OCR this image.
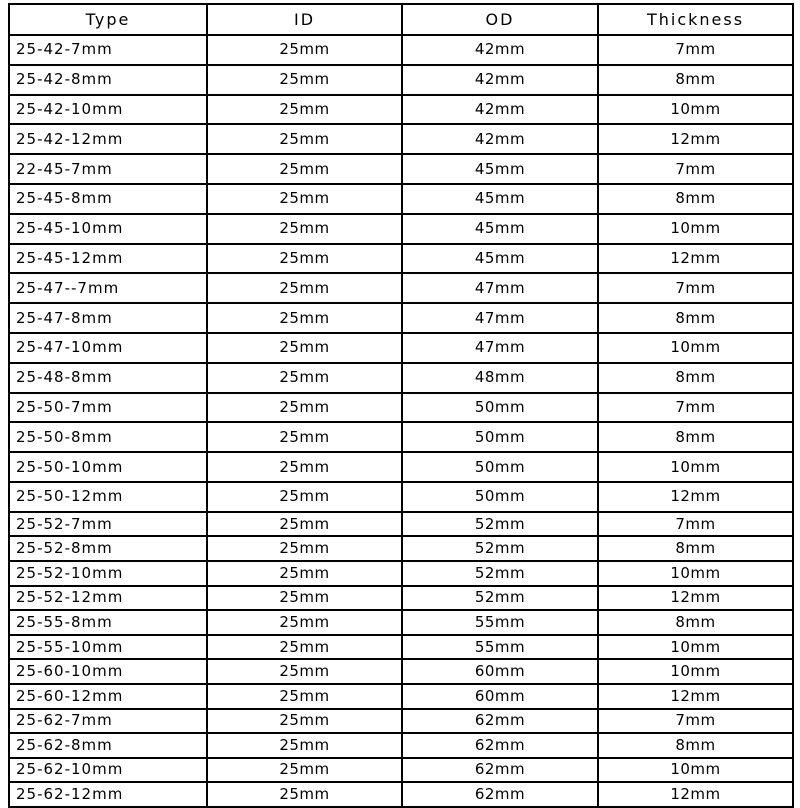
Type	ID	OD	Thickness
25-42-7mm	25mm	42mm	7mm
25-42-8mm	25mm	42mm	8mm
25-42-10mm	25mm	42mm	10mm
25-42-12mm	25mm	42mm	12mm
22-45-7mm	25mm	45mm	7mm
25-45-8mm	25mm	45mm	8mm
25-45-10mm	25mm	45mm	10mm
25-45-12mm	25mm	45mm	12mm
25-47--7mm	25mm	47mm	7mm
25-47-8mm	25mm	47mm	8mm
25-47-10mm	25mm	47mm	10mm
25-48-8mm	25mm	48mm	8mm
25-50-7mm	25mm	50mm	7mm
25-50-8mm	25mm	50mm	8mm
25-50-10mm	25mm	50mm	10mm
25-50-12mm	25mm	50mm	12mm
25-52-7mm	25mm	52mm	7mm
25-52-8mm	25mm	52mm	8mm
25-52-10mm	25mm	52mm	10mm
25-52-12mm	25mm	52mm	12mm
25-55-8mm	25mm	55mm	8mm
25-55-10mm	25mm	55mm	10mm
25-60-10mm	25mm	60mm	10mm
25-60-12mm	25mm	60mm	12mm
25-62-7mm	25mm	62mm	7mm
25-62-8mm	25mm	62mm	8mm
25-62-10mm	25mm	62mm	10mm
25-62-12mm	25mm	62mm	12mm
